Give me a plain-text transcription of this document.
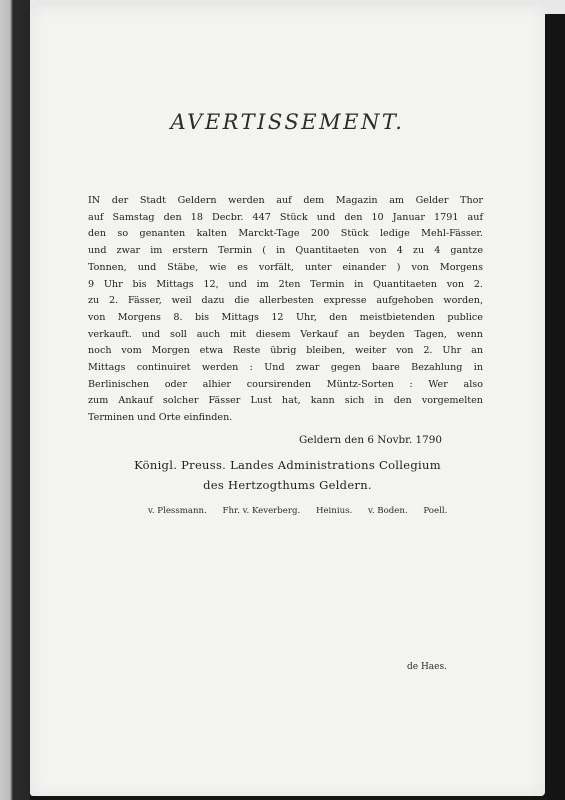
AVERTISSEMENT.
IN der Stadt Geldern werden auf dem Magazin am Gelder Thor
auf Samstag den 18 Decbr. 447 Stück und den 10 Januar 1791 auf
den so genanten kalten Marckt-Tage 200 Stück ledige Mehl-Fässer.
und zwar im erstern Termin ( in Quantitaeten von 4 zu 4 gantze
Tonnen, und Stäbe, wie es vorfält, unter einander ) von Morgens
9 Uhr bis Mittags 12, und im 2ten Termin in Quantitaeten von 2.
zu 2. Fässer, weil dazu die allerbesten expresse aufgehoben worden,
von Morgens 8. bis Mittags 12 Uhr, den meistbietenden publice
verkauft. und soll auch mit diesem Verkauf an beyden Tagen, wenn
noch vom Morgen etwa Reste übrig bleiben, weiter von 2. Uhr an
Mittags continuiret werden : Und zwar gegen baare Bezahlung in
Berlinischen oder alhier coursirenden Müntz-Sorten : Wer also
zum Ankauf solcher Fässer Lust hat, kann sich in den vorgemelten
Terminen und Orte einfinden.
Geldern den 6 Novbr. 1790
Königl. Preuss. Landes Administrations Collegium
des Hertzogthums Geldern.
v. Plessmann. Fhr. v. Keverberg. Heinius. v. Boden. Poell.
de Haes.
